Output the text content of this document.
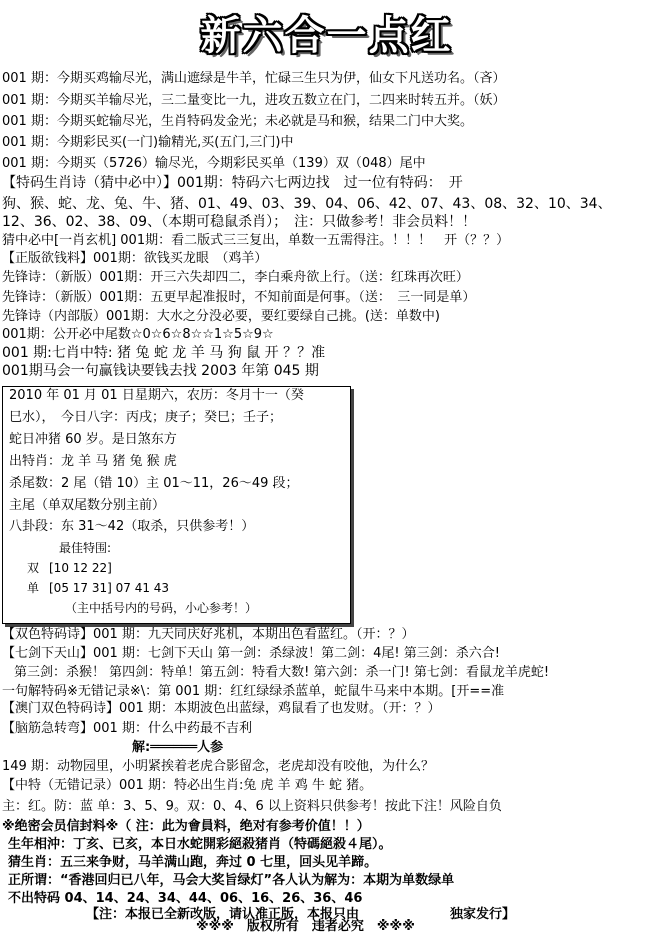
新六合一点红
001 期：今期买鸡输尽光，满山遮绿是牛羊，忙碌三生只为伊，仙女下凡送功名。（吝）
001 期：今期买羊输尽光，三二量变比一九，进攻五数立在门，二四来时转五并。（妖）
001 期：今期买蛇输尽光，生肖特码发金光；未必就是马和猴，结果二门中大奖。
001 期：今期彩民买(一门)输精光,买(五门,三门)中
001 期：今期买（5726）输尽光，今期彩民买单（139）双（048）尾中
【特码生肖诗（猜中必中）】001期：特码六七两边找　过一位有特码：　开
狗、猴、蛇、龙、兔、牛、猪、01、49、03、39、04、06、42、07、43、08、32、10、34、
12、36、02、38、09、（本期可稳鼠杀肖）；　注：只做参考！非会员料！！
猜中必中[一肖玄机] 001期：看二版式三三复出，单数一五需得注。！！！　开（？？）
【正版欲钱料】001期：欲钱买龙眼　（鸡羊）
先锋诗：（新版）001期：开三六失却四二，李白乘舟欲上行。（送：红珠再次旺）
先锋诗：（新版）001期：五更早起准报时，不知前面是何事。（送：　三一同是单）
先锋诗（内部版）001期：大水之分没必要，要红要绿自己挑。(送：单数中)
001期：公开必中尾数☆0☆6☆8☆☆1☆5☆9☆
001 期:七肖中特: 猪 兔 蛇 龙 羊 马 狗 鼠 开 ？？准
001期马会一句赢钱诀要钱去找 2003 年第 045 期
2010 年 01 月 01 日星期六，农历：冬月十一（癸
巳水），　今日八字：丙戌；庚子；癸巳；壬子；
蛇日冲猪 60 岁。是日煞东方
出特肖：龙 羊 马 猪 兔 猴 虎
杀尾数：2 尾（错 10）主 01～11，26～49 段；
主尾（单双尾数分别主前）
八卦段：东 31～42（取杀，只供参考！）
最佳特围:
双 [10 12 22]
单 [05 17 31] 07 41 43
（主中括号内的号码，小心参考！）
【双色特码诗】001 期：九天同庆好兆机，本期出色看蓝红。（开：？）
【七剑下天山】001 期：七剑下天山 第一剑：杀绿波！第二剑：4尾! 第三剑：杀六合!
第三剑：杀猴！ 第四剑：特单！第五剑：特看大数! 第六剑：杀一门! 第七剑：看鼠龙羊虎蛇!
一句解特码※无错记录※\：第 001 期：红红绿绿杀蓝单，蛇鼠牛马来中本期。[开==准
【澳门双色特码诗】001 期：本期波色出蓝绿，鸡鼠看了也发财。（开：？）
【脑筋急转弯】001 期：什么中药最不吉利
解:══════人参
149 期：动物园里，小明紧挨着老虎合影留念，老虎却没有咬他，为什么？
【中特（无错记录）001 期：特必出生肖:兔 虎 羊 鸡 牛 蛇 猪。
主：红。防：蓝 单：3、5、9。双：0、4、6 以上资料只供参考！按此下注！风险自负
※绝密会员信封料※（ 注：此为會員料，绝对有参考价值！！）
生年相沖：丁亥、已亥，本日水蛇開彩絕殺猪肖（特碼絕殺４尾）。
猜生肖：五三来争财，马羊满山跑，奔过 0 七里，回头见羊蹄。
正所谓：“香港回归已八年，马会大奖旨绿灯”各人认为解为：本期为单数绿单
不出特码 04、14、24、34、44、06、16、26、36、46
【注：本报已全新改版，请认准正版，本报只由　　　　　　　独家发行】
※※※　版权所有　违者必究　※※※
